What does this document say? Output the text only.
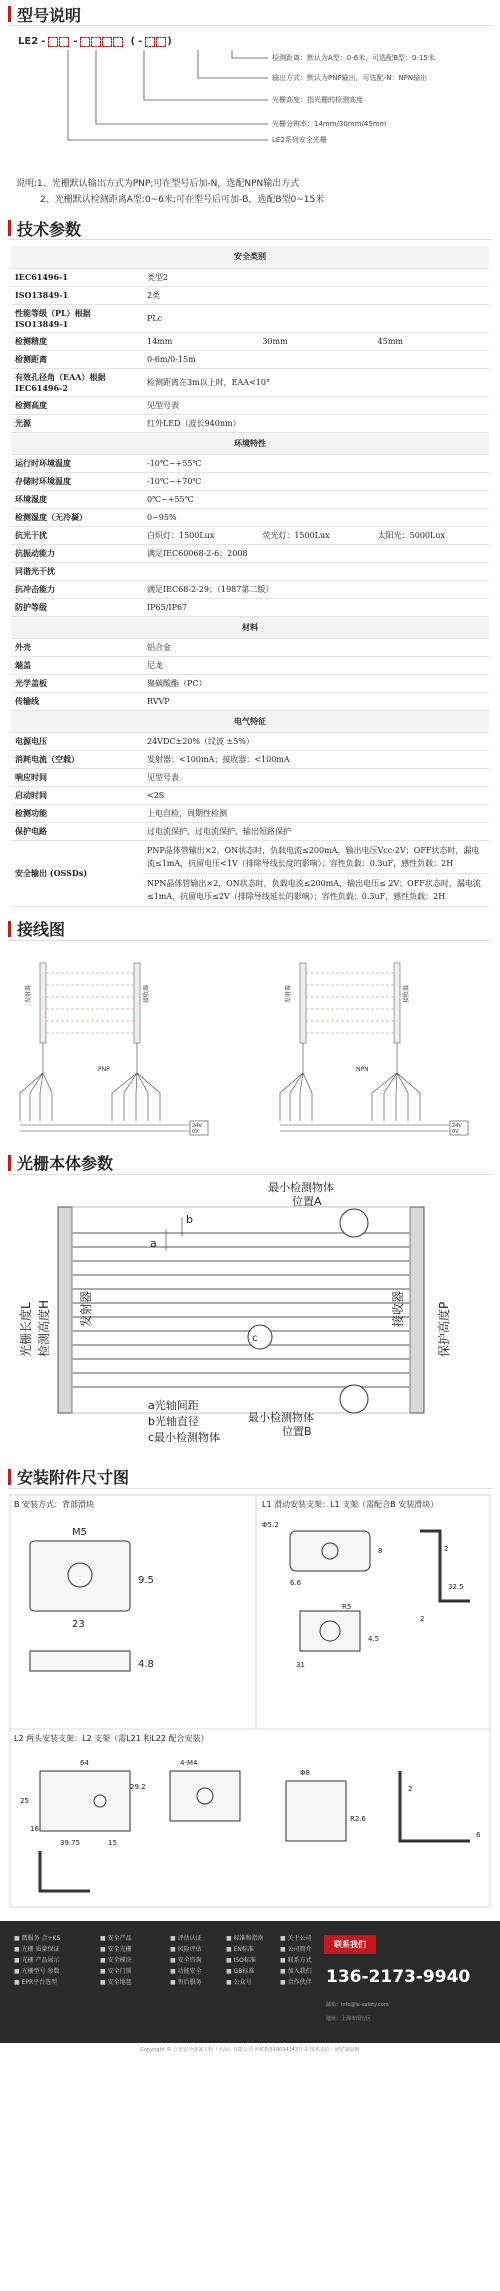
型号说明
LE2 -	-	( -	)
检测距离：默认为A型：0-6米，可选配B型：0-15米
输出方式：默认为PNP输出，可选配-N：NPN输出
光栅高度：指光栅的检测高度
光栅分辨率：14mm/30mm/45mm
LE2系列安全光栅

说明:1、光栅默认输出方式为PNP;可在型号后加-N，选配NPN输出方式

2、光栅默认检测距离A型:0~6米;可在型号后可加-B，选配B型0~15米

技术参数
安全类别			
IEC61496-1	类型2		
ISO13849-1	2类		
性能等级（PL）根据 ISO13849-1	PLc		
检测精度	14mm	30mm	45mm
检测距离	0-6m/0-15m		
有效孔径角（EAA）根据IEC61496-2	检测距离在3m以上时，EAA<10°		
检测高度	见型号表		
光源	红外LED（波长940nm）		
环境特性			
运行时环境温度	-10℃~+55℃		
存储时环境温度	-10℃~+70℃		
环境湿度	0℃~+55℃		
检测湿度（无冷凝）	0~95%		
抗光干扰	白炽灯：1500Lux	荧光灯：1500Lux	太阳光：5000Lux
抗振动能力	满足IEC60068-2-6；2008		
同谐光干扰			
抗冲击能力	满足IEC68-2-29；（1987第二版）		
防护等级	IP65/IP67		
材料			
外壳	铝合金		
端盖	尼龙		
光学盖板	聚碳酸酯（PC）		
传输线	RVVP		
电气特征			
电源电压	24VDC±20%（纹波 ±5%）		
消耗电流（空载）	发射器：<100mA；接收器：<100mA		
响应时间	见型号表		
启动时间	<2S		
检测功能	上电自检，周期性检测		
保护电路	过电流保护，过电流保护，输出短路保护		
安全输出 (OSSDs)	PNP晶体管输出×2，ON状态时，负载电流≤200mA，输出电压Vcc-2V；OFF状态时，漏电流≤1mA，抗留电压<1V（排除导线长度的影响）；容性负载：0.3uF，感性负载：2H		
	NPN晶体管输出×2，ON状态时，负载电流≤200mA，输出电压≤ 2V；OFF状态时，漏电流≤1mA，抗留电压≤2V（排除导线延长的影响）；容性负载：0.3uF，感性负载：2H		
接线图
发射器	接收器
PNP
24V
0V
发射器	接收器
NPN
24V
0V
光栅本体参数
c
a
b
最小检测物体
位置A
最小检测物体
位置B
光栅长度L 检测高度H 发射器	接收器	保护高度P
a光轴间距
b光轴直径
c最小检测物体
安装附件尺寸图
B 安装方式：背部滑块	L1 滑动安装支架：L1 支架（需配合B 安装滑块）
L2 两头安装支架：L2 支架（需L21 和L22 配合安装）
M5
9.5
23
4.8
Φ5.2
8
6.6
2
31
32.5
4.5
R5
2
64
29.2
25
16
4-M4
39.75	15
Φ8
R2.6
2
6
■ 微服务 合+KS
■ 光栅 质量保证
■ 光栅 产品展示
■ 光栅型号 参数
■ EPR平台选型
■ 安全产品
■ 安全光栅
■ 安全模块
■ 安全门锁
■ 安全地毯
■ 评估认证
■ 风险评估
■ 安全咨询
■ 功能安全
■ 售后服务
■ 标准和指南
■ EN标准
■ ISO标准
■ GB标准
■ 公众号
■ 关于公司
■ 公司简介
■ 联系方式
■ 加入我们
■ 合作伙伴
联系我们
136-2173-9940
邮箱：info@le-safety.com
地址：上海市闵行区
Copyright © 立安安全设备工程（上海）有限公司 沪ICP备19034343号-1 技术支持：固忆制品网
